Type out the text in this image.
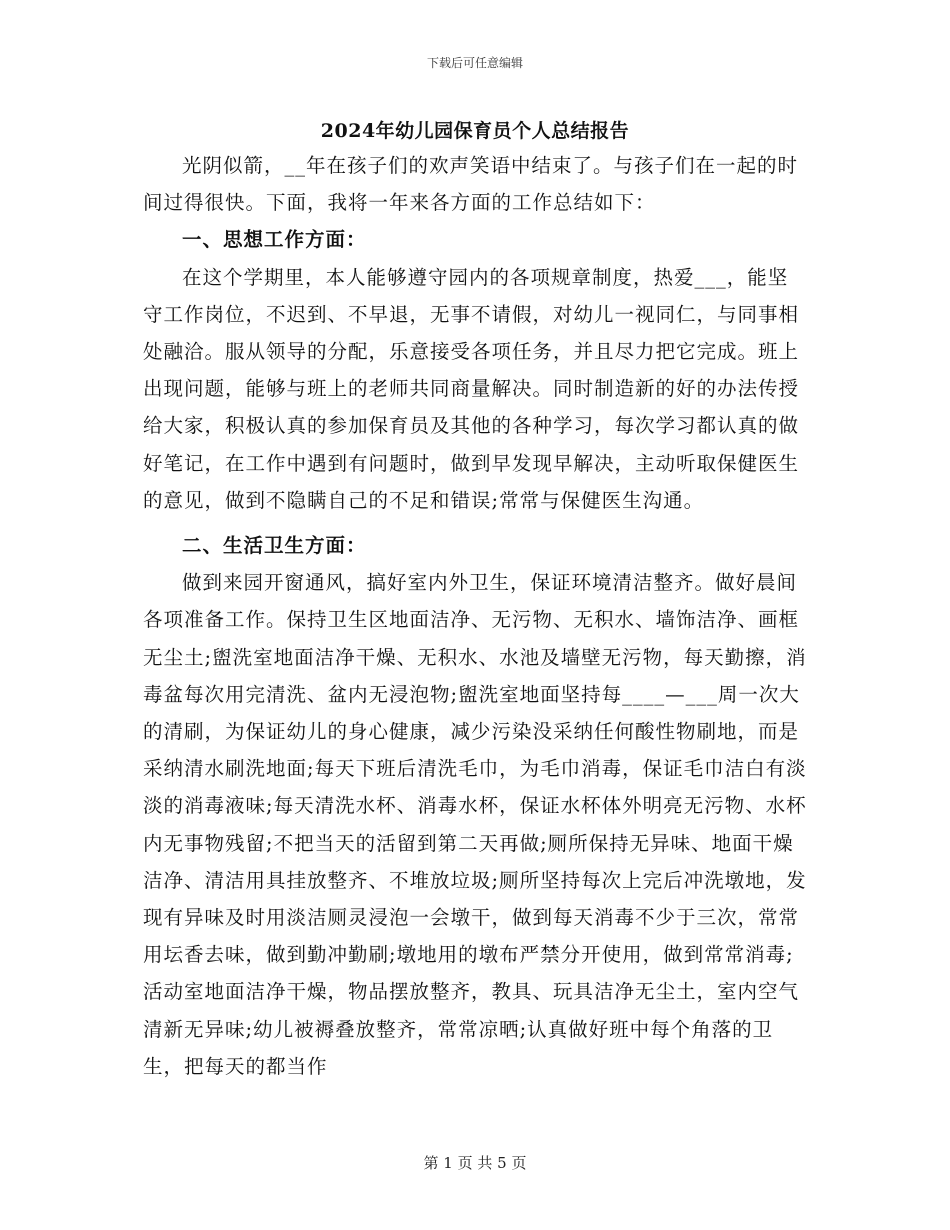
下载后可任意编辑
2024年幼儿园保育员个人总结报告

光阴似箭，__年在孩子们的欢声笑语中结束了。与孩子们在一起的时间过得很快。下面，我将一年来各方面的工作总结如下：

一、思想工作方面：

在这个学期里，本人能够遵守园内的各项规章制度，热爱___，能坚守工作岗位，不迟到、不早退，无事不请假，对幼儿一视同仁，与同事相处融洽。服从领导的分配，乐意接受各项任务，并且尽力把它完成。班上出现问题，能够与班上的老师共同商量解决。同时制造新的好的办法传授给大家，积极认真的参加保育员及其他的各种学习，每次学习都认真的做好笔记，在工作中遇到有问题时，做到早发现早解决，主动听取保健医生的意见，做到不隐瞒自己的不足和错误;常常与保健医生沟通。

二、生活卫生方面：

做到来园开窗通风，搞好室内外卫生，保证环境清洁整齐。做好晨间各项准备工作。保持卫生区地面洁净、无污物、无积水、墙饰洁净、画框无尘土;盥洗室地面洁净干燥、无积水、水池及墙壁无污物，每天勤擦，消毒盆每次用完清洗、盆内无浸泡物;盥洗室地面坚持每____—___周一次大的清刷，为保证幼儿的身心健康，减少污染没采纳任何酸性物刷地，而是采纳清水刷洗地面;每天下班后清洗毛巾，为毛巾消毒，保证毛巾洁白有淡淡的消毒液味;每天清洗水杯、消毒水杯，保证水杯体外明亮无污物、水杯内无事物残留;不把当天的活留到第二天再做;厕所保持无异味、地面干燥洁净、清洁用具挂放整齐、不堆放垃圾;厕所坚持每次上完后冲洗墩地，发现有异味及时用淡洁厕灵浸泡一会墩干，做到每天消毒不少于三次，常常用坛香去味，做到勤冲勤刷;墩地用的墩布严禁分开使用，做到常常消毒;活动室地面洁净干燥，物品摆放整齐，教具、玩具洁净无尘土，室内空气清新无异味;幼儿被褥叠放整齐，常常凉晒;认真做好班中每个角落的卫生，把每天的都当作

第 1 页 共 5 页
